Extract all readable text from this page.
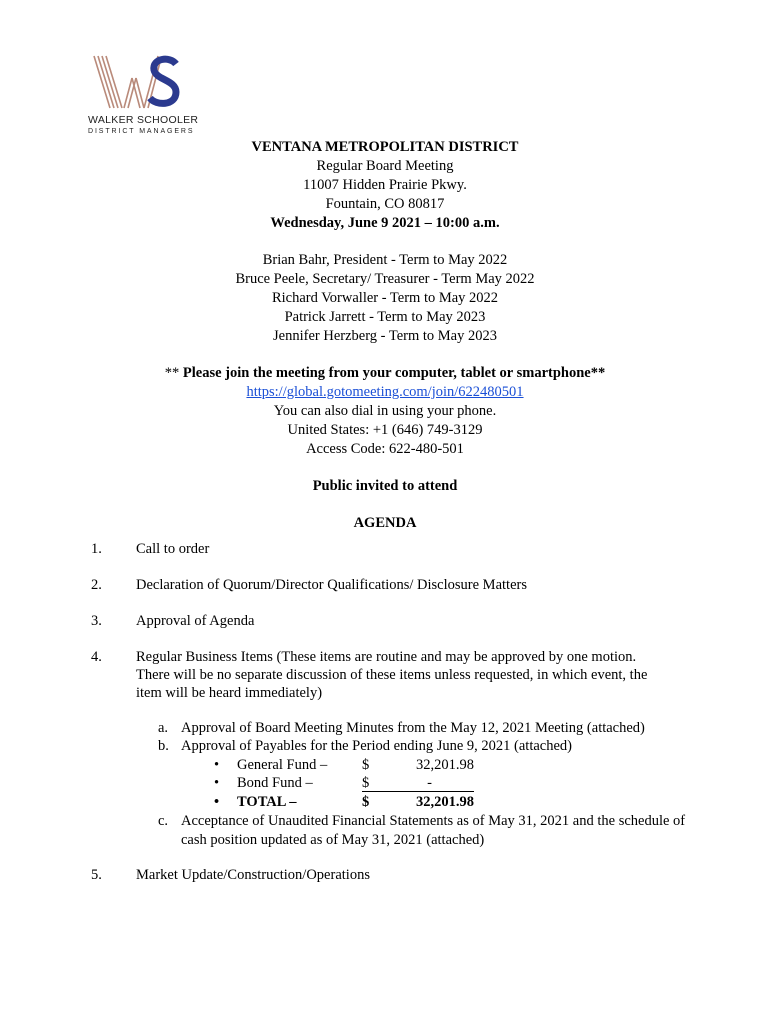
WALKER SCHOOLER
DISTRICT MANAGERS
VENTANA METROPOLITAN DISTRICT
Regular Board Meeting
11007 Hidden Prairie Pkwy.
Fountain, CO 80817
Wednesday, June 9 2021 – 10:00 a.m.
Brian Bahr, President - Term to May 2022
Bruce Peele, Secretary/ Treasurer - Term May 2022
Richard Vorwaller - Term to May 2022
Patrick Jarrett - Term to May 2023
Jennifer Herzberg - Term to May 2023
** Please join the meeting from your computer, tablet or smartphone**
https://global.gotomeeting.com/join/622480501
You can also dial in using your phone.
United States: +1 (646) 749-3129
Access Code: 622-480-501
Public invited to attend
AGENDA
1. Call to order
2. Declaration of Quorum/Director Qualifications/ Disclosure Matters
3. Approval of Agenda
4. Regular Business Items (These items are routine and may be approved by one motion. There will be no separate discussion of these items unless requested, in which event, the item will be heard immediately)
a. Approval of Board Meeting Minutes from the May 12, 2021 Meeting (attached)
b. Approval of Payables for the Period ending June 9, 2021 (attached)
• General Fund – $	32,201.98
• Bond Fund –	$	-
• TOTAL –	$	32,201.98
c. Acceptance of Unaudited Financial Statements as of May 31, 2021 and the schedule of cash position updated as of May 31, 2021 (attached)
5. Market Update/Construction/Operations
